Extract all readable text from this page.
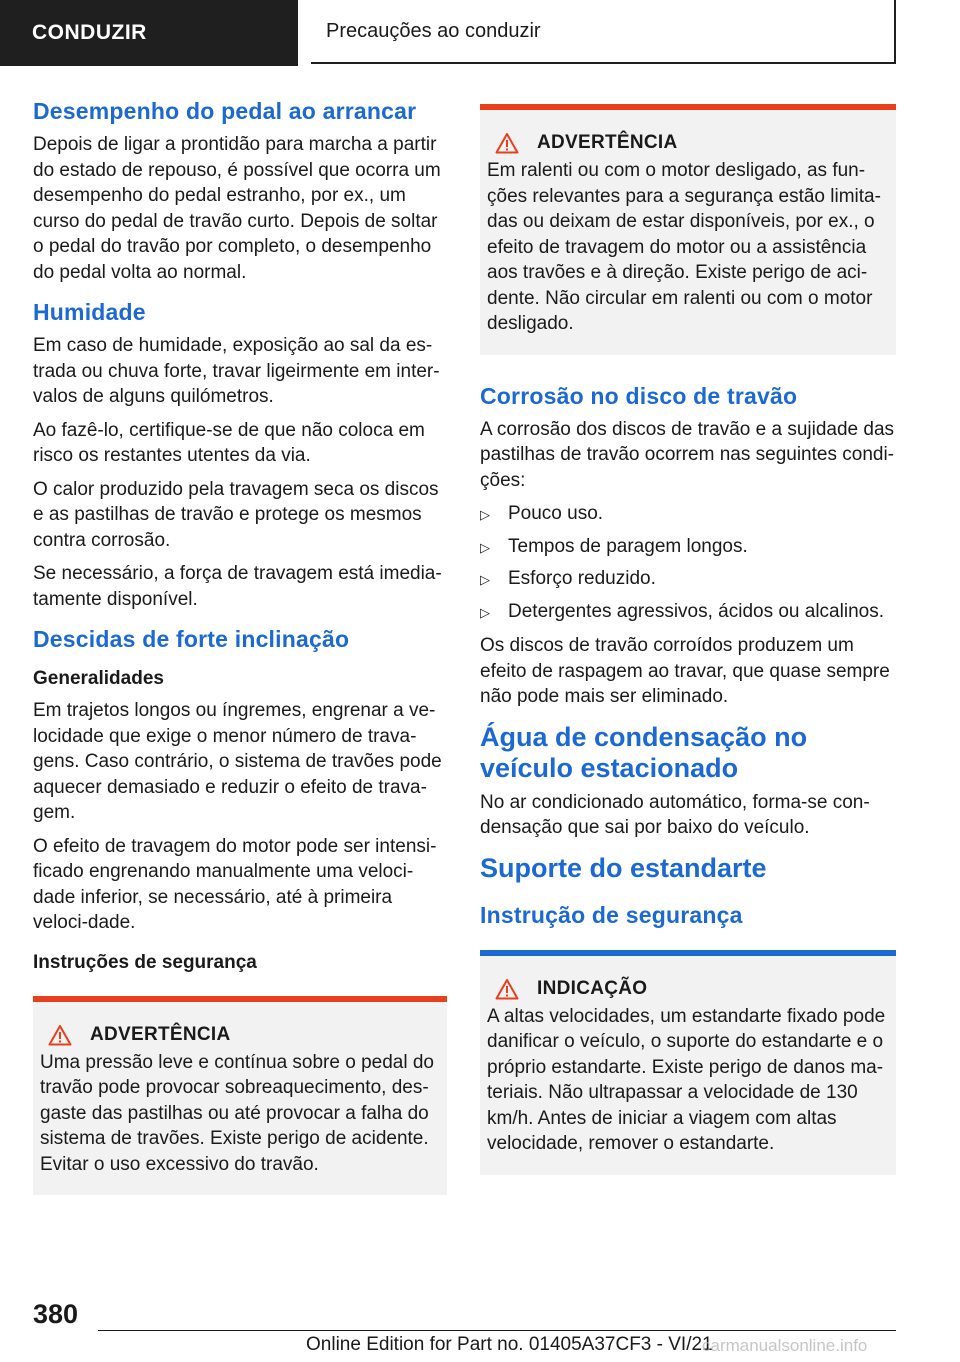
CONDUZIR	Precauções ao conduzir
Desempenho do pedal ao arrancar

Depois de ligar a prontidão para marcha a partir do estado de repouso, é possível que ocorra um desempenho do pedal estranho, por ex., um curso do pedal de travão curto. Depois de soltar o pedal do travão por completo, o desempenho do pedal volta ao normal.

Humidade

Em caso de humidade, exposição ao sal da es-trada ou chuva forte, travar ligeirmente em inter-valos de alguns quilómetros.

Ao fazê-lo, certifique-se de que não coloca em risco os restantes utentes da via.

O calor produzido pela travagem seca os discos e as pastilhas de travão e protege os mesmos contra corrosão.

Se necessário, a força de travagem está imedia-tamente disponível.

Descidas de forte inclinação
Generalidades

Em trajetos longos ou íngremes, engrenar a ve-locidade que exige o menor número de trava-gens. Caso contrário, o sistema de travões pode aquecer demasiado e reduzir o efeito de trava-gem.

O efeito de travagem do motor pode ser intensi-ficado engrenando manualmente uma veloci-dade inferior, se necessário, até à primeira veloci-dade.

Instruções de segurança
ADVERTÊNCIA

Uma pressão leve e contínua sobre o pedal do travão pode provocar sobreaquecimento, des-gaste das pastilhas ou até provocar a falha do sistema de travões. Existe perigo de acidente. Evitar o uso excessivo do travão.

ADVERTÊNCIA

Em ralenti ou com o motor desligado, as fun-ções relevantes para a segurança estão limita-das ou deixam de estar disponíveis, por ex., o efeito de travagem do motor ou a assistência aos travões e à direção. Existe perigo de aci-dente. Não circular em ralenti ou com o motor desligado.

Corrosão no disco de travão

A corrosão dos discos de travão e a sujidade das pastilhas de travão ocorrem nas seguintes condi-ções:

▷ Pouco uso.
▷ Tempos de paragem longos.
▷ Esforço reduzido.
▷ Detergentes agressivos, ácidos ou alcalinos.

Os discos de travão corroídos produzem um efeito de raspagem ao travar, que quase sempre não pode mais ser eliminado.

Água de condensação no veículo estacionado

No ar condicionado automático, forma-se con-densação que sai por baixo do veículo.

Suporte do estandarte
Instrução de segurança
INDICAÇÃO

A altas velocidades, um estandarte fixado pode danificar o veículo, o suporte do estandarte e o próprio estandarte. Existe perigo de danos ma-teriais. Não ultrapassar a velocidade de 130 km/h. Antes de iniciar a viagem com altas velocidade, remover o estandarte.

380
Online Edition for Part no. 01405A37CF3 - VI/21
carmanualsonline.info
